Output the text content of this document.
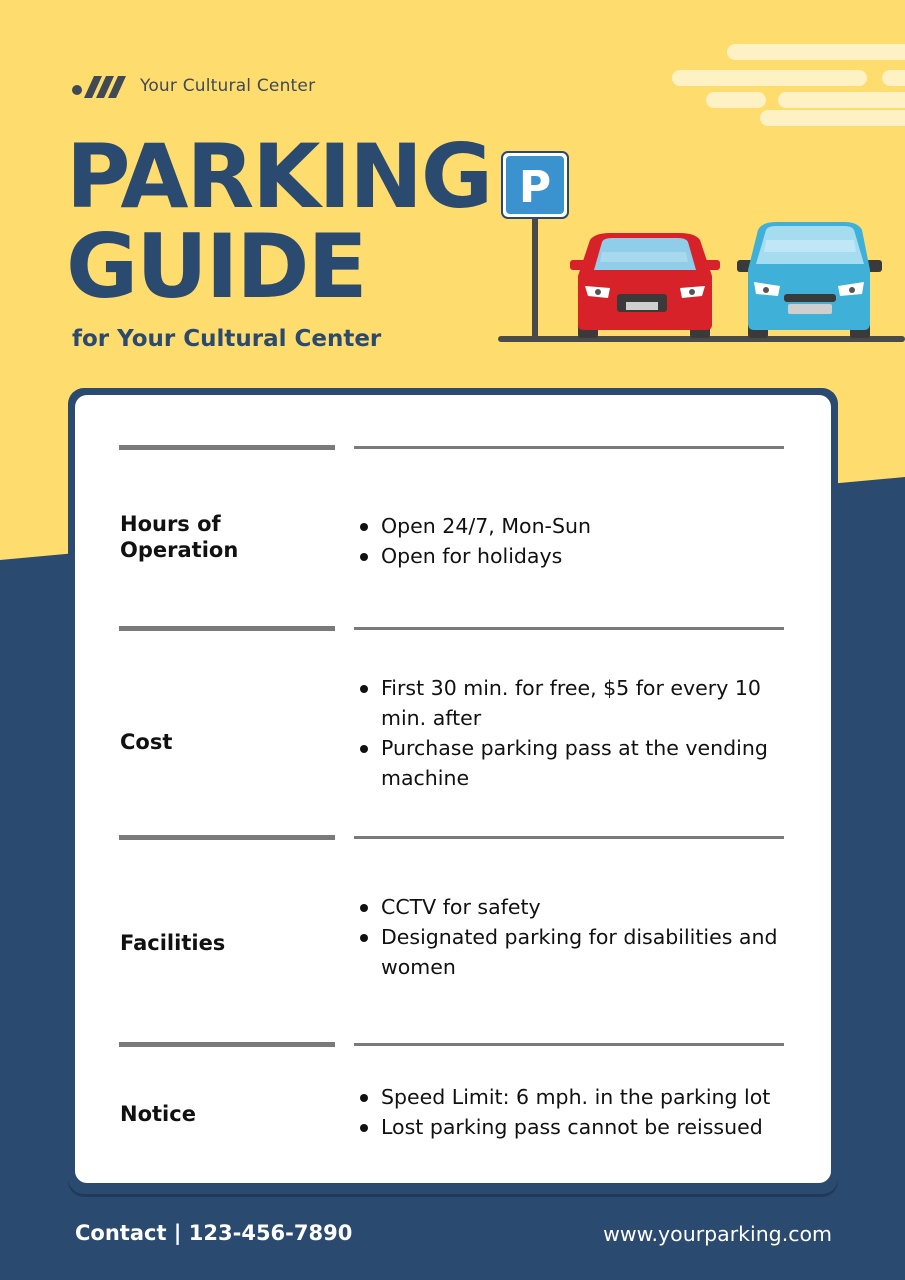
Your Cultural Center
PARKING
GUIDE
for Your Cultural Center
P
Hours of Operation
Open 24/7, Mon-Sun
Open for holidays
Cost
First 30 min. for free, $5 for every 10 min. after
Purchase parking pass at the vending machine
Facilities
CCTV for safety
Designated parking for disabilities and women
Notice
Speed Limit: 6 mph. in the parking lot
Lost parking pass cannot be reissued
Contact | 123-456-7890	www.yourparking.com
